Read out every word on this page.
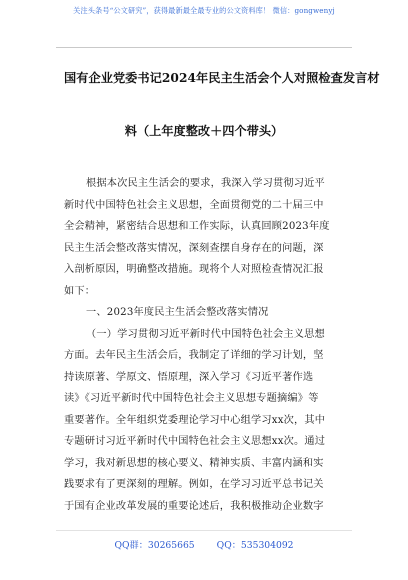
关注头条号“公文研究”，获得最新最全最专业的公文资料库！ 微信：gongwenyj
国有企业党委书记2024年民主生活会个人对照检查发言材
料（上年度整改＋四个带头）
根据本次民主生活会的要求，我深入学习贯彻习近平
新时代中国特色社会主义思想，全面贯彻党的二十届三中
全会精神，紧密结合思想和工作实际，认真回顾2023年度
民主生活会整改落实情况，深刻查摆自身存在的问题，深
入剖析原因，明确整改措施。现将个人对照检查情况汇报
如下：
一、2023年度民主生活会整改落实情况
（一）学习贯彻习近平新时代中国特色社会主义思想
方面。去年民主生活会后，我制定了详细的学习计划，坚
持读原著、学原文、悟原理，深入学习《习近平著作选
读》《习近平新时代中国特色社会主义思想专题摘编》等
重要著作。全年组织党委理论学习中心组学习xx次，其中
专题研讨习近平新时代中国特色社会主义思想xx次。通过
学习，我对新思想的核心要义、精神实质、丰富内涵和实
践要求有了更深刻的理解。例如，在学习习近平总书记关
于国有企业改革发展的重要论述后，我积极推动企业数字
QQ群：30265665 QQ：535304092
